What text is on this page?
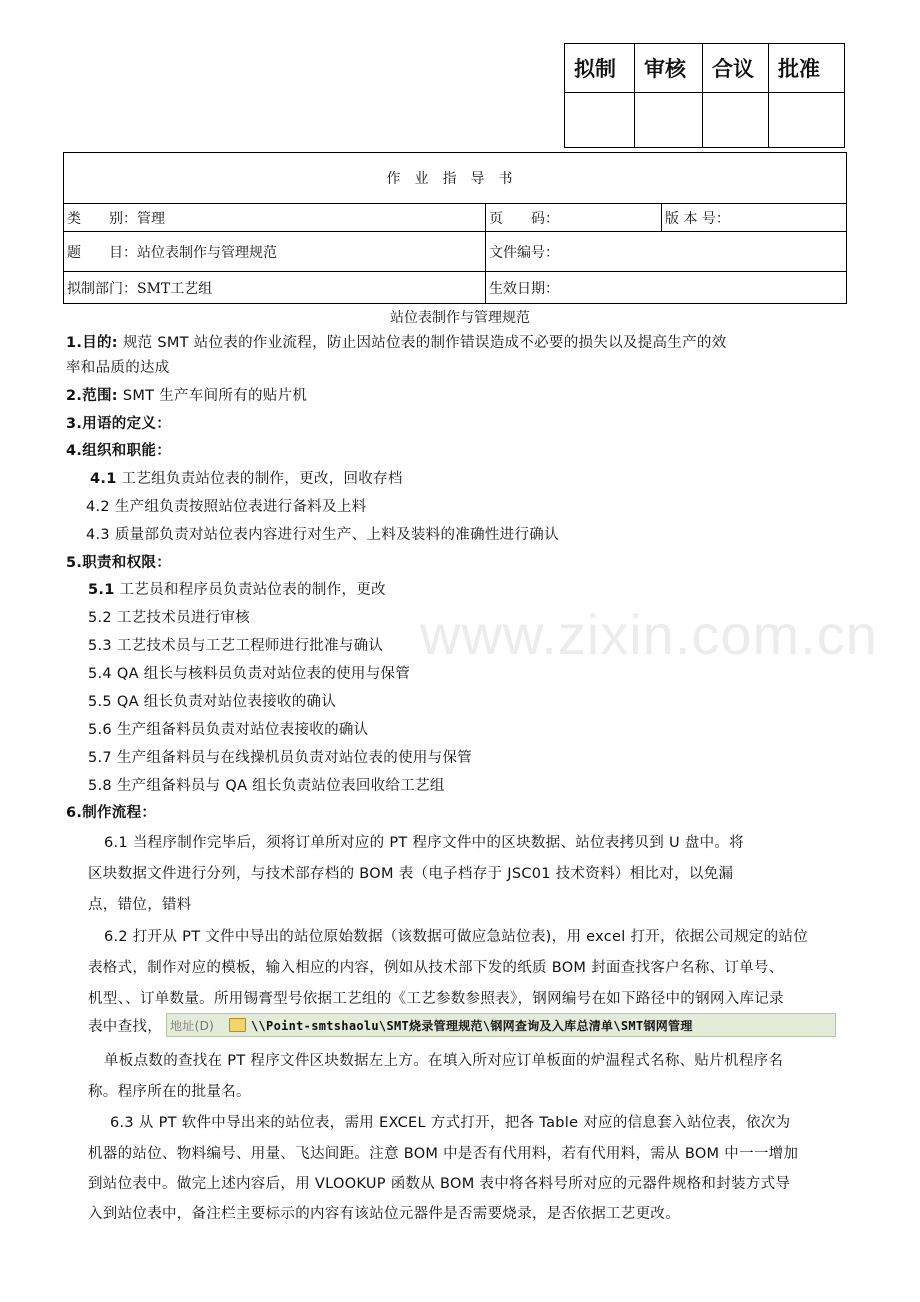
拟制	审核	合议	批准

作业指导书		
类　　别：管理	页　　码：	版 本 号：
题　　目：站位表制作与管理规范	文件编号：	
拟制部门：SMT工艺组	生效日期：	
站位表制作与管理规范
www.zixin.com.cn
1.目的: 规范 SMT 站位表的作业流程，防止因站位表的制作错误造成不必要的损失以及提高生产的效
率和品质的达成
2.范围: SMT 生产车间所有的贴片机
3.用语的定义：
4.组织和职能：
4.1 工艺组负责站位表的制作，更改，回收存档
4.2 生产组负责按照站位表进行备料及上料
4.3 质量部负责对站位表内容进行对生产、上料及装料的准确性进行确认
5.职责和权限：
5.1 工艺员和程序员负责站位表的制作，更改
5.2 工艺技术员进行审核
5.3 工艺技术员与工艺工程师进行批准与确认
5.4 QA 组长与核料员负责对站位表的使用与保管
5.5 QA 组长负责对站位表接收的确认
5.6 生产组备料员负责对站位表接收的确认
5.7 生产组备料员与在线操机员负责对站位表的使用与保管
5.8 生产组备料员与 QA 组长负责站位表回收给工艺组
6.制作流程：
6.1 当程序制作完毕后，须将订单所对应的 PT 程序文件中的区块数据、站位表拷贝到 U 盘中。将
区块数据文件进行分列，与技术部存档的 BOM 表（电子档存于 JSC01 技术资料）相比对，以免漏
点，错位，错料
6.2 打开从 PT 文件中导出的站位原始数据（该数据可做应急站位表)，用 excel 打开，依据公司规定的站位
表格式，制作对应的模板，输入相应的内容，例如从技术部下发的纸质 BOM 封面查找客户名称、订单号、
机型、、订单数量。所用锡膏型号依据工艺组的《工艺参数参照表》，钢网编号在如下路径中的钢网入库记录
表中查找， 地址(D)	\\Point-smtshaolu\SMT烧录管理规范\钢网查询及入库总清单\SMT钢网管理
单板点数的查找在 PT 程序文件区块数据左上方。在填入所对应订单板面的炉温程式名称、贴片机程序名
称。程序所在的批量名。
6.3 从 PT 软件中导出来的站位表，需用 EXCEL 方式打开，把各 Table 对应的信息套入站位表，依次为
机器的站位、物料编号、用量、飞达间距。注意 BOM 中是否有代用料，若有代用料，需从 BOM 中一一增加
到站位表中。做完上述内容后，用 VLOOKUP 函数从 BOM 表中将各料号所对应的元器件规格和封装方式导
入到站位表中，备注栏主要标示的内容有该站位元器件是否需要烧录，是否依据工艺更改。
